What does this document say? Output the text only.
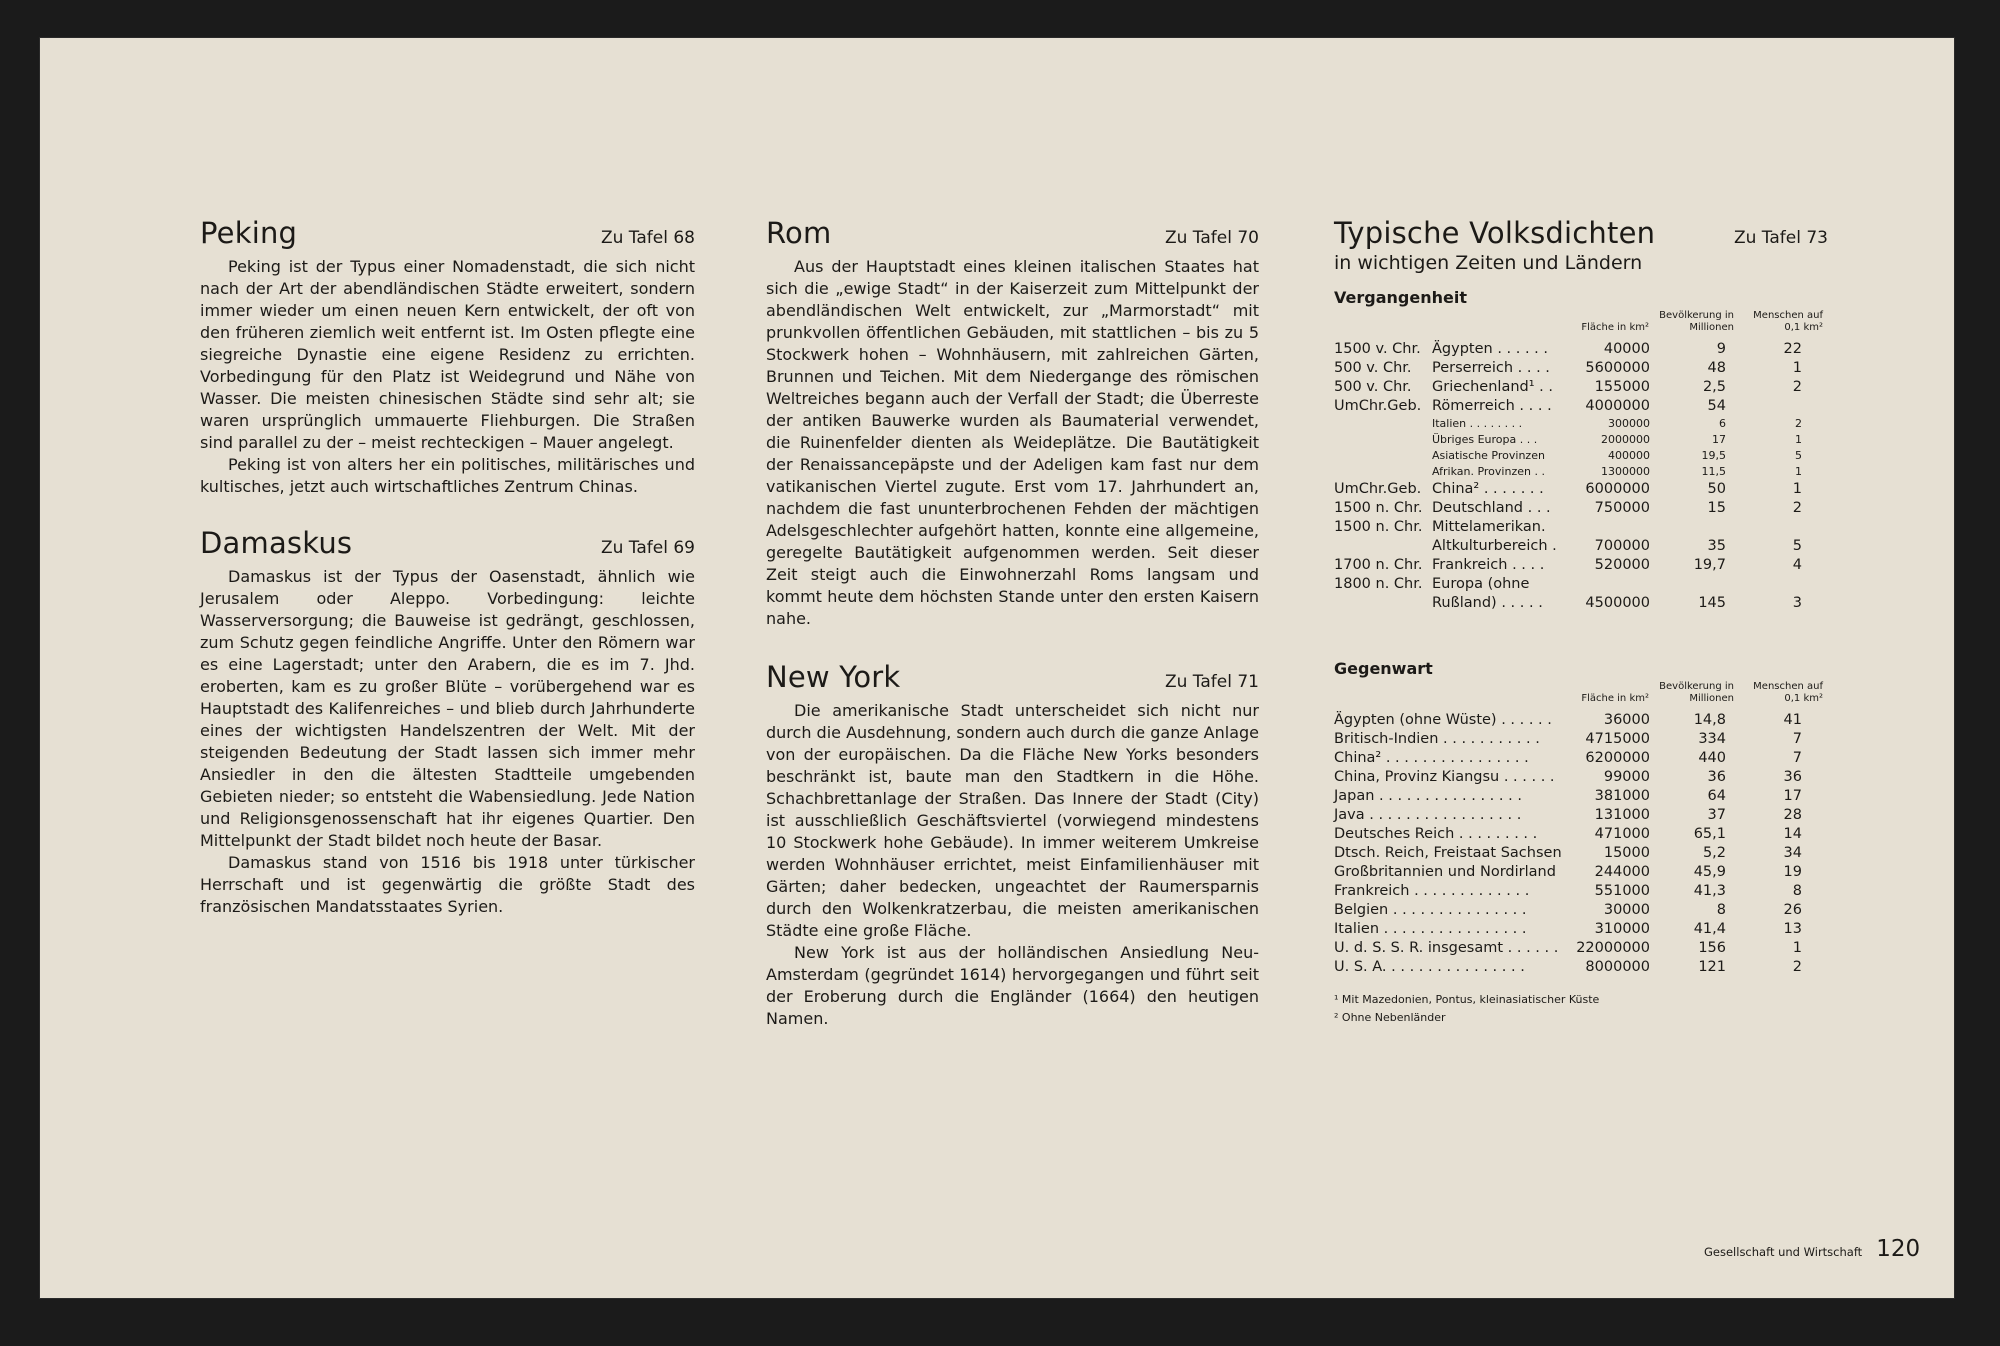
Peking	Zu Tafel 68

Peking ist der Typus einer Nomadenstadt, die sich nicht nach der Art der abendländischen Städte erweitert, sondern immer wieder um einen neuen Kern entwickelt, der oft von den früheren ziemlich weit entfernt ist. Im Osten pflegte eine siegreiche Dynastie eine eigene Residenz zu errichten. Vorbedingung für den Platz ist Weidegrund und Nähe von Wasser. Die meisten chinesischen Städte sind sehr alt; sie waren ursprünglich ummauerte Fliehburgen. Die Straßen sind parallel zu der – meist rechteckigen – Mauer angelegt.

Peking ist von alters her ein politisches, militärisches und kultisches, jetzt auch wirtschaftliches Zentrum Chinas.

Damaskus	Zu Tafel 69

Damaskus ist der Typus der Oasenstadt, ähnlich wie Jerusalem oder Aleppo. Vorbedingung: leichte Wasserversorgung; die Bauweise ist gedrängt, geschlossen, zum Schutz gegen feindliche Angriffe. Unter den Römern war es eine Lagerstadt; unter den Arabern, die es im 7. Jhd. eroberten, kam es zu großer Blüte – vorübergehend war es Hauptstadt des Kalifenreiches – und blieb durch Jahrhunderte eines der wichtigsten Handelszentren der Welt. Mit der steigenden Bedeutung der Stadt lassen sich immer mehr Ansiedler in den die ältesten Stadtteile umgebenden Gebieten nieder; so entsteht die Wabensiedlung. Jede Nation und Religionsgenossenschaft hat ihr eigenes Quartier. Den Mittelpunkt der Stadt bildet noch heute der Basar.

Damaskus stand von 1516 bis 1918 unter türkischer Herrschaft und ist gegenwärtig die größte Stadt des französischen Mandatsstaates Syrien.

Rom	Zu Tafel 70

Aus der Hauptstadt eines kleinen italischen Staates hat sich die „ewige Stadt“ in der Kaiserzeit zum Mittelpunkt der abendländischen Welt entwickelt, zur „Marmorstadt“ mit prunkvollen öffentlichen Gebäuden, mit stattlichen – bis zu 5 Stockwerk hohen – Wohnhäusern, mit zahlreichen Gärten, Brunnen und Teichen. Mit dem Niedergange des römischen Weltreiches begann auch der Verfall der Stadt; die Überreste der antiken Bauwerke wurden als Baumaterial verwendet, die Ruinenfelder dienten als Weideplätze. Die Bautätigkeit der Renaissancepäpste und der Adeligen kam fast nur dem vatikanischen Viertel zugute. Erst vom 17. Jahrhundert an, nachdem die fast ununterbrochenen Fehden der mächtigen Adelsgeschlechter aufgehört hatten, konnte eine allgemeine, geregelte Bautätigkeit aufgenommen werden. Seit dieser Zeit steigt auch die Einwohnerzahl Roms langsam und kommt heute dem höchsten Stande unter den ersten Kaisern nahe.

New York	Zu Tafel 71

Die amerikanische Stadt unterscheidet sich nicht nur durch die Ausdehnung, sondern auch durch die ganze Anlage von der europäischen. Da die Fläche New Yorks besonders beschränkt ist, baute man den Stadtkern in die Höhe. Schachbrettanlage der Straßen. Das Innere der Stadt (City) ist ausschließlich Geschäftsviertel (vorwiegend mindestens 10 Stockwerk hohe Gebäude). In immer weiterem Umkreise werden Wohnhäuser errichtet, meist Einfamilienhäuser mit Gärten; daher bedecken, ungeachtet der Raumersparnis durch den Wolkenkratzerbau, die meisten amerikanischen Städte eine große Fläche.

New York ist aus der holländischen Ansiedlung Neu-Amsterdam (gegründet 1614) hervorgegangen und führt seit der Eroberung durch die Engländer (1664) den heutigen Namen.

Typische Volksdichten	Zu Tafel 73
in wichtigen Zeiten und Ländern
Vergangenheit
		Fläche in km²	Bevölkerung in Millionen	Menschen auf 0,1 km²
1500 v. Chr.	Ägypten . . . . . .	40000	9	22
500 v. Chr.	Perserreich . . . .	5600000	48	1
500 v. Chr.	Griechenland¹ . .	155000	2,5	2
UmChr.Geb.	Römerreich . . . .	4000000	54	
	Italien . . . . . . . .	300000	6	2
	Übriges Europa . . .	2000000	17	1
	Asiatische Provinzen	400000	19,5	5
	Afrikan. Provinzen . .	1300000	11,5	1
UmChr.Geb.	China² . . . . . . .	6000000	50	1
1500 n. Chr.	Deutschland . . .	750000	15	2
1500 n. Chr.	Mittelamerikan.			
	Altkulturbereich .	700000	35	5
1700 n. Chr.	Frankreich . . . .	520000	19,7	4
1800 n. Chr.	Europa (ohne			
	Rußland) . . . . .	4500000	145	3
Gegenwart
	Fläche in km²	Bevölkerung in Millionen	Menschen auf 0,1 km²
Ägypten (ohne Wüste) . . . . . .	36000	14,8	41
Britisch-Indien . . . . . . . . . . .	4715000	334	7
China² . . . . . . . . . . . . . . . .	6200000	440	7
China, Provinz Kiangsu . . . . . .	99000	36	36
Japan . . . . . . . . . . . . . . . .	381000	64	17
Java . . . . . . . . . . . . . . . . .	131000	37	28
Deutsches Reich . . . . . . . . .	471000	65,1	14
Dtsch. Reich, Freistaat Sachsen	15000	5,2	34
Großbritannien und Nordirland	244000	45,9	19
Frankreich . . . . . . . . . . . . .	551000	41,3	8
Belgien . . . . . . . . . . . . . . .	30000	8	26
Italien . . . . . . . . . . . . . . . .	310000	41,4	13
U. d. S. S. R. insgesamt . . . . . .	22000000	156	1
U. S. A. . . . . . . . . . . . . . . .	8000000	121	2
¹ Mit Mazedonien, Pontus, kleinasiatischer Küste
² Ohne Nebenländer
Gesellschaft und Wirtschaft 120
